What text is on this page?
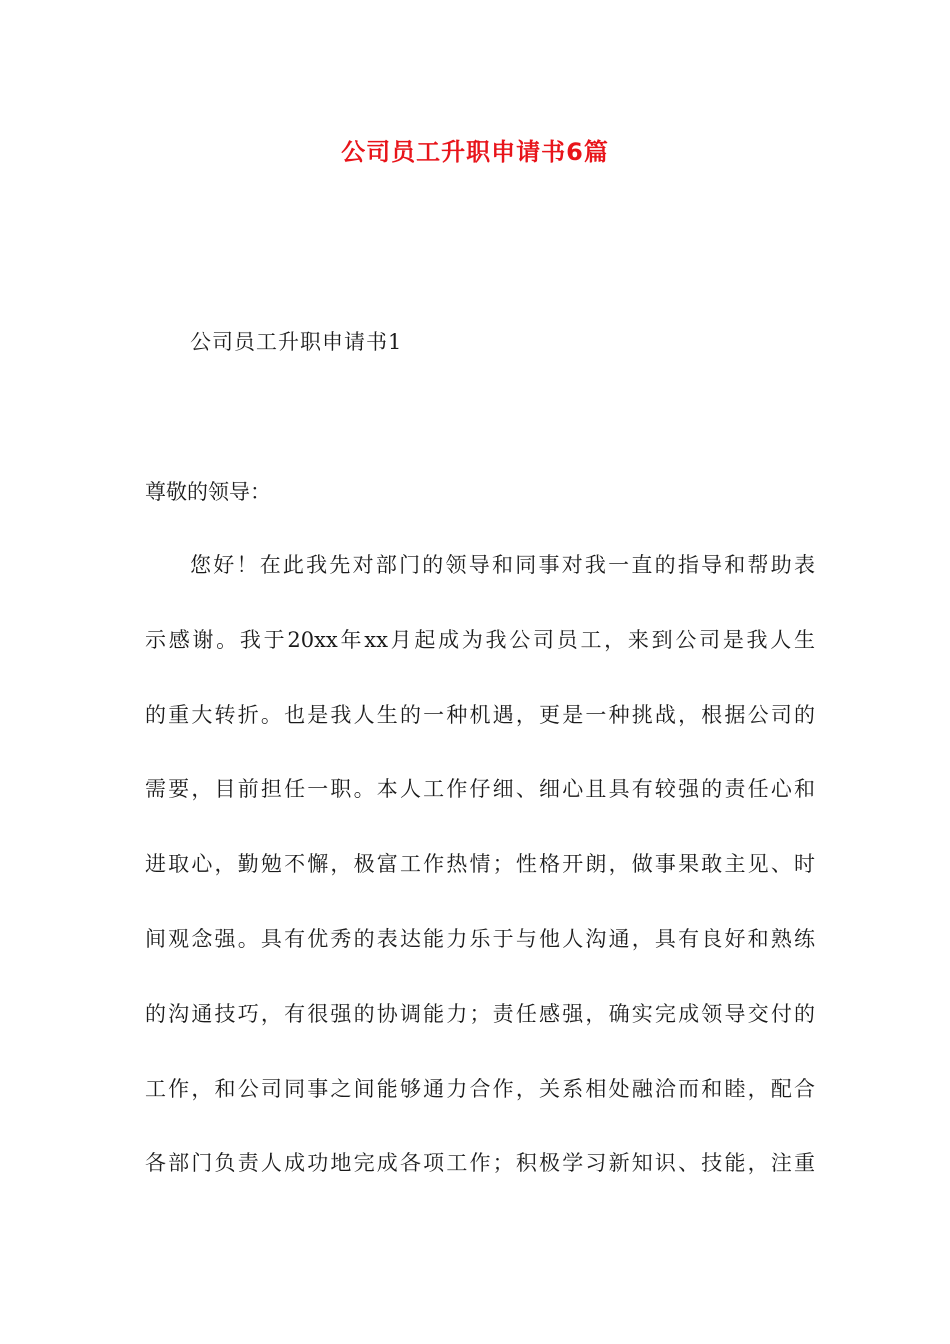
公司员工升职申请书6篇
公司员工升职申请书1
尊敬的领导：
您好！在此我先对部门的领导和同事对我一直的指导和帮助表
示感谢。我于20xx年xx月起成为我公司员工，来到公司是我人生
的重大转折。也是我人生的一种机遇，更是一种挑战，根据公司的
需要，目前担任一职。本人工作仔细、细心且具有较强的责任心和
进取心，勤勉不懈，极富工作热情；性格开朗，做事果敢主见、时
间观念强。具有优秀的表达能力乐于与他人沟通，具有良好和熟练
的沟通技巧，有很强的协调能力；责任感强，确实完成领导交付的
工作，和公司同事之间能够通力合作，关系相处融洽而和睦，配合
各部门负责人成功地完成各项工作；积极学习新知识、技能，注重
